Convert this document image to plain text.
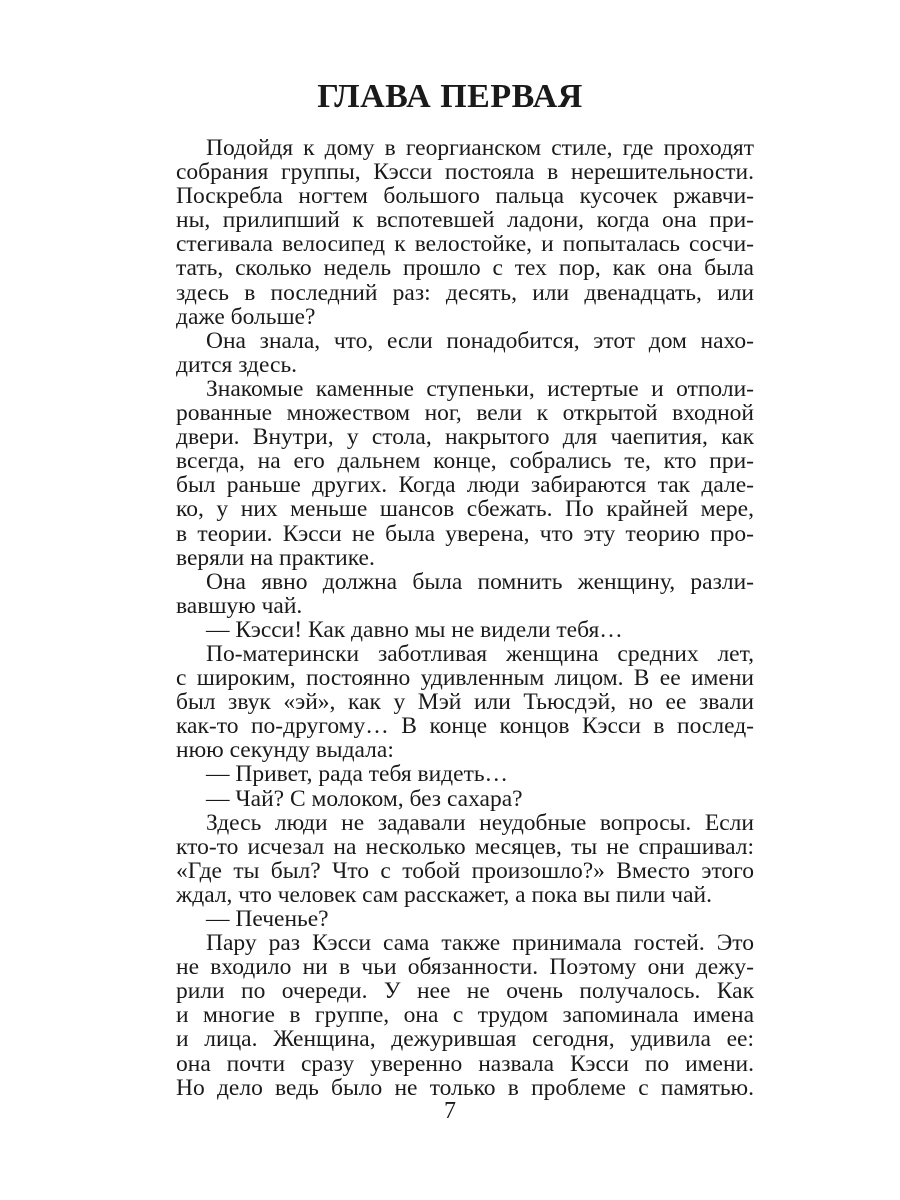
ГЛАВА ПЕРВАЯ
Подойдя к дому в георгианском стиле, где проходят
собрания группы, Кэсси постояла в нерешительности.
Поскребла ногтем большого пальца кусочек ржавчи-
ны, прилипший к вспотевшей ладони, когда она при-
стегивала велосипед к велостойке, и попыталась сосчи-
тать, сколько недель прошло с тех пор, как она была
здесь в последний раз: десять, или двенадцать, или
даже больше?
Она знала, что, если понадобится, этот дом нахо-
дится здесь.
Знакомые каменные ступеньки, истертые и отполи-
рованные множеством ног, вели к открытой входной
двери. Внутри, у стола, накрытого для чаепития, как
всегда, на его дальнем конце, собрались те, кто при-
был раньше других. Когда люди забираются так дале-
ко, у них меньше шансов сбежать. По крайней мере,
в теории. Кэсси не была уверена, что эту теорию про-
веряли на практике.
Она явно должна была помнить женщину, разли-
вавшую чай.
— Кэсси! Как давно мы не видели тебя…
По-матерински заботливая женщина средних лет,
с широким, постоянно удивленным лицом. В ее имени
был звук «эй», как у Мэй или Тьюсдэй, но ее звали
как-то по-другому… В конце концов Кэсси в послед-
нюю секунду выдала:
— Привет, рада тебя видеть…
— Чай? С молоком, без сахара?
Здесь люди не задавали неудобные вопросы. Если
кто-то исчезал на несколько месяцев, ты не спрашивал:
«Где ты был? Что с тобой произошло?» Вместо этого
ждал, что человек сам расскажет, а пока вы пили чай.
— Печенье?
Пару раз Кэсси сама также принимала гостей. Это
не входило ни в чьи обязанности. Поэтому они дежу-
рили по очереди. У нее не очень получалось. Как
и многие в группе, она с трудом запоминала имена
и лица. Женщина, дежурившая сегодня, удивила ее:
она почти сразу уверенно назвала Кэсси по имени.
Но дело ведь было не только в проблеме с памятью.
7
